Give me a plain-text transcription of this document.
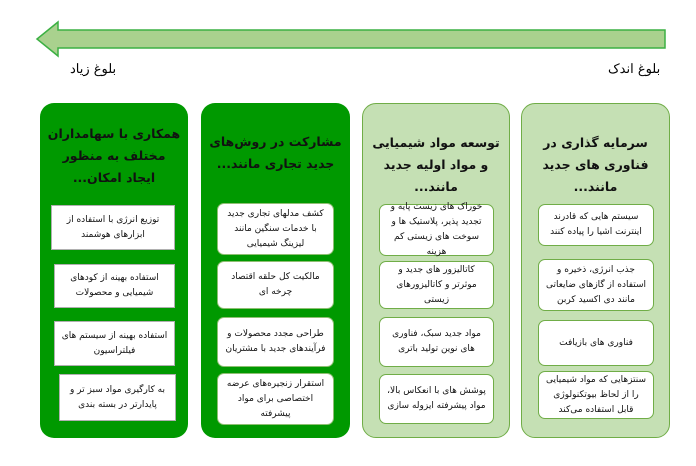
بلوغ زیاد	بلوغ اندک
سرمایه گذاری در فناوری های جدید مانند...
سیستم هایی که قادرند اینترنت اشیا را پیاده کنند
جذب انرژی، ذخیره و استفاده از گازهای ضایعاتی مانند دی اکسید کربن
فناوری های بازیافت
سنتزهایی که مواد شیمیایی را از لحاظ بیوتکنولوژی قابل استفاده می‌کند
توسعه مواد شیمیایی و مواد اولیه جدید مانند...
خوراک های زیست پایه و تجدید پذیر، پلاستیک ها و سوخت های زیستی کم هزینه
کاتالیزور های جدید و موثرتر و کاتالیزورهای زیستی
مواد جدید سبک، فناوری های نوین تولید باتری
پوشش های با انعکاس بالا، مواد پیشرفته ایزوله سازی
مشارکت در روش‌های جدید تجاری مانند...
کشف مدلهای تجاری جدید با خدمات سنگین مانند لیزینگ شیمیایی
مالکیت کل حلقه اقتصاد چرخه ای
طراحی مجدد محصولات و فرآیندهای جدید با مشتریان
استقرار زنجیره‌های عرضه اختصاصی برای مواد پیشرفته
همکاری با سهامداران مختلف به منظور ایجاد امکان...
توزیع انرژی با استفاده از ابزارهای هوشمند
استفاده بهینه از کودهای شیمیایی و محصولات
استفاده بهینه از سیستم های فیلتراسیون
به کارگیری مواد سبز تر و پایدارتر در بسته بندی
